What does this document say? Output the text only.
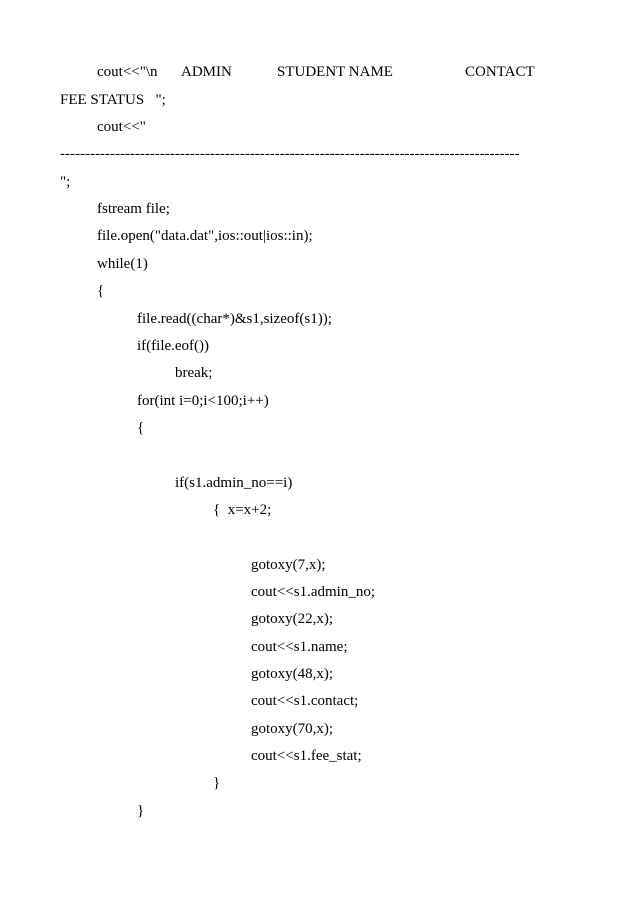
cout<<"\n

ADMIN

	STUDENT NAME

	CONTACT

FEE STATUS   ";
cout<<"
--------------------------------------------------------------------------------------------
";
fstream file;
file.open("data.dat",ios::out|ios::in);
while(1)
{
file.read((char*)&s1,sizeof(s1));
if(file.eof())
break;
for(int i=0;i<100;i++)
{
if(s1.admin_no==i)
{  x=x+2;
gotoxy(7,x);
cout<<s1.admin_no;
gotoxy(22,x);
cout<<s1.name;
gotoxy(48,x);
cout<<s1.contact;
gotoxy(70,x);
cout<<s1.fee_stat;
}
}
